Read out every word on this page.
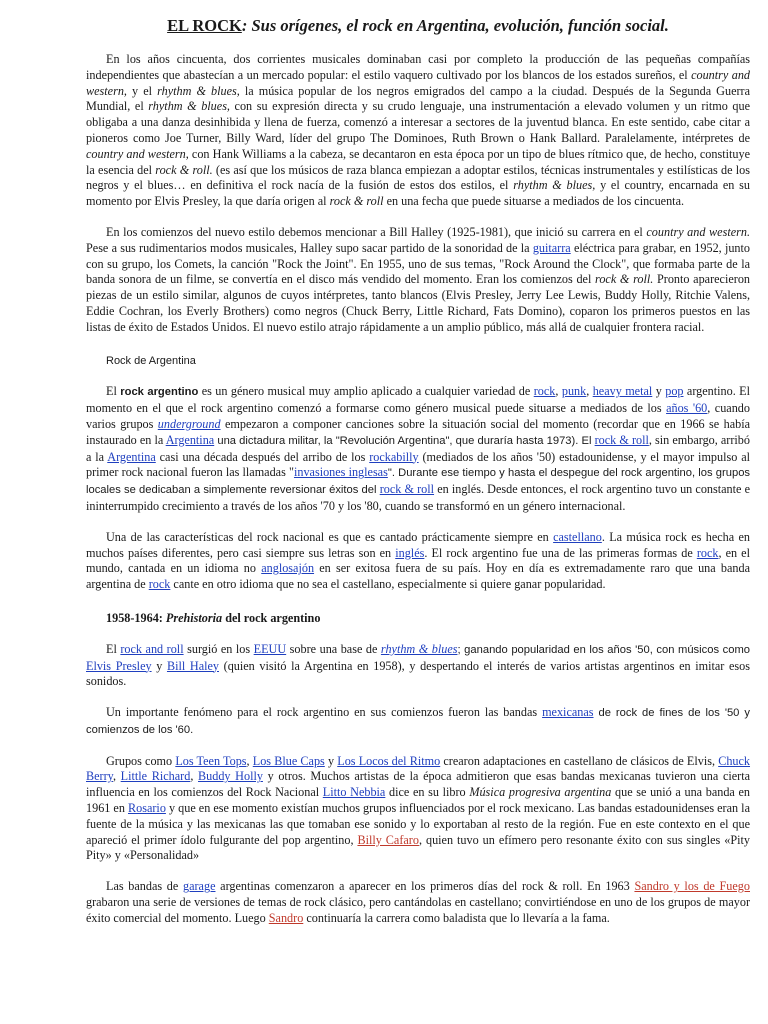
EL ROCK: Sus orígenes, el rock en Argentina, evolución, función social.

En los años cincuenta, dos corrientes musicales dominaban casi por completo la producción de las pequeñas compañías independientes que abastecían a un mercado popular: el estilo vaquero cultivado por los blancos de los estados sureños, el country and western, y el rhythm & blues, la música popular de los negros emigrados del campo a la ciudad. Después de la Segunda Guerra Mundial, el rhythm & blues, con su expresión directa y su crudo lenguaje, una instrumentación a elevado volumen y un ritmo que obligaba a una danza desinhibida y llena de fuerza, comenzó a interesar a sectores de la juventud blanca. En este sentido, cabe citar a pioneros como Joe Turner, Billy Ward, líder del grupo The Dominoes, Ruth Brown o Hank Ballard. Paralelamente, intérpretes de country and western, con Hank Williams a la cabeza, se decantaron en esta época por un tipo de blues rítmico que, de hecho, constituye la esencia del rock & roll. (es así que los músicos de raza blanca empiezan a adoptar estilos, técnicas instrumentales y estilísticas de los negros y el blues… en definitiva el rock nacía de la fusión de estos dos estilos, el rhythm & blues, y el country, encarnada en su momento por Elvis Presley, la que daría origen al rock & roll en una fecha que puede situarse a mediados de los cincuenta.

En los comienzos del nuevo estilo debemos mencionar a Bill Halley (1925-1981), que inició su carrera en el country and western. Pese a sus rudimentarios modos musicales, Halley supo sacar partido de la sonoridad de la guitarra eléctrica para grabar, en 1952, junto con su grupo, los Comets, la canción "Rock the Joint". En 1955, uno de sus temas, "Rock Around the Clock", que formaba parte de la banda sonora de un filme, se convertía en el disco más vendido del momento. Eran los comienzos del rock & roll. Pronto aparecieron piezas de un estilo similar, algunos de cuyos intérpretes, tanto blancos (Elvis Presley, Jerry Lee Lewis, Buddy Holly, Ritchie Valens, Eddie Cochran, los Everly Brothers) como negros (Chuck Berry, Little Richard, Fats Domino), coparon los primeros puestos en las listas de éxito de Estados Unidos. El nuevo estilo atrajo rápidamente a un amplio público, más allá de cualquier frontera racial.

Rock de Argentina

El rock argentino es un género musical muy amplio aplicado a cualquier variedad de rock, punk, heavy metal y pop argentino. El momento en el que el rock argentino comenzó a formarse como género musical puede situarse a mediados de los años '60, cuando varios grupos underground empezaron a componer canciones sobre la situación social del momento (recordar que en 1966 se había instaurado en la Argentina una dictadura militar, la "Revolución Argentina", que duraría hasta 1973). El rock & roll, sin embargo, arribó a la Argentina casi una década después del arribo de los rockabilly (mediados de los años '50) estadounidense, y el mayor impulso al primer rock nacional fueron las llamadas "invasiones inglesas". Durante ese tiempo y hasta el despegue del rock argentino, los grupos locales se dedicaban a simplemente reversionar éxitos del rock & roll en inglés. Desde entonces, el rock argentino tuvo un constante e ininterrumpido crecimiento a través de los años '70 y los '80, cuando se transformó en un género internacional.

Una de las características del rock nacional es que es cantado prácticamente siempre en castellano. La música rock es hecha en muchos países diferentes, pero casi siempre sus letras son en inglés. El rock argentino fue una de las primeras formas de rock, en el mundo, cantada en un idioma no anglosajón en ser exitosa fuera de su país. Hoy en día es extremadamente raro que una banda argentina de rock cante en otro idioma que no sea el castellano, especialmente si quiere ganar popularidad.

1958-1964: Prehistoria del rock argentino

El rock and roll surgió en los EEUU sobre una base de rhythm & blues; ganando popularidad en los años '50, con músicos como Elvis Presley y Bill Haley (quien visitó la Argentina en 1958), y despertando el interés de varios artistas argentinos en imitar esos sonidos.

Un importante fenómeno para el rock argentino en sus comienzos fueron las bandas mexicanas de rock de fines de los '50 y comienzos de los '60.

Grupos como Los Teen Tops, Los Blue Caps y Los Locos del Ritmo crearon adaptaciones en castellano de clásicos de Elvis, Chuck Berry, Little Richard, Buddy Holly y otros. Muchos artistas de la época admitieron que esas bandas mexicanas tuvieron una cierta influencia en los comienzos del Rock Nacional Litto Nebbia dice en su libro Música progresiva argentina que se unió a una banda en 1961 en Rosario y que en ese momento existían muchos grupos influenciados por el rock mexicano. Las bandas estadounidenses eran la fuente de la música y las mexicanas las que tomaban ese sonido y lo exportaban al resto de la región. Fue en este contexto en el que apareció el primer ídolo fulgurante del pop argentino, Billy Cafaro, quien tuvo un efímero pero resonante éxito con sus singles «Pity Pity» y «Personalidad»

Las bandas de garage argentinas comenzaron a aparecer en los primeros días del rock & roll. En 1963 Sandro y los de Fuego grabaron una serie de versiones de temas de rock clásico, pero cantándolas en castellano; convirtiéndose en uno de los grupos de mayor éxito comercial del momento. Luego Sandro continuaría la carrera como baladista que lo llevaría a la fama.
